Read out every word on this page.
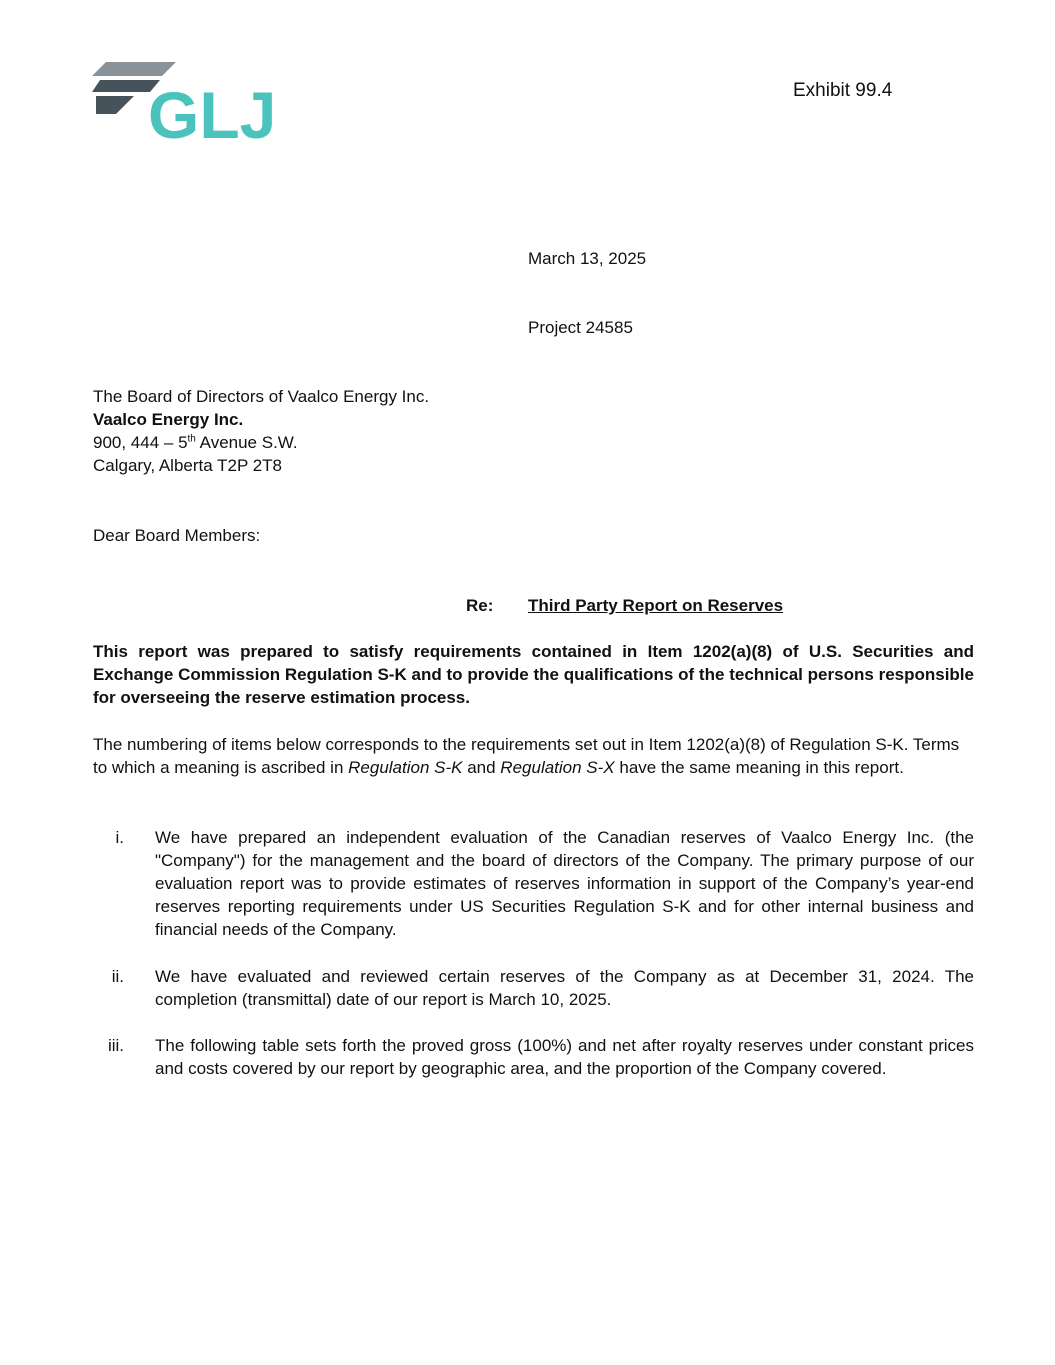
GLJ	Exhibit 99.4
March 13, 2025
Project 24585
The Board of Directors of Vaalco Energy Inc.
Vaalco Energy Inc.
900, 444 – 5th Avenue S.W.
Calgary, Alberta T2P 2T8
Dear Board Members:
Re: Third Party Report on Reserves
This report was prepared to satisfy requirements contained in Item 1202(a)(8) of U.S. Securities and Exchange Commission Regulation S-K and to provide the qualifications of the technical persons responsible for overseeing the reserve estimation process.
The numbering of items below corresponds to the requirements set out in Item 1202(a)(8) of Regulation S-K. Terms to which a meaning is ascribed in Regulation S-K and Regulation S-X have the same meaning in this report.
i. We have prepared an independent evaluation of the Canadian reserves of Vaalco Energy Inc. (the "Company") for the management and the board of directors of the Company. The primary purpose of our evaluation report was to provide estimates of reserves information in support of the Company’s year-end reserves reporting requirements under US Securities Regulation S-K and for other internal business and financial needs of the Company.
ii. We have evaluated and reviewed certain reserves of the Company as at December 31, 2024. The completion (transmittal) date of our report is March 10, 2025.
iii. The following table sets forth the proved gross (100%) and net after royalty reserves under constant prices and costs covered by our report by geographic area, and the proportion of the Company covered.
